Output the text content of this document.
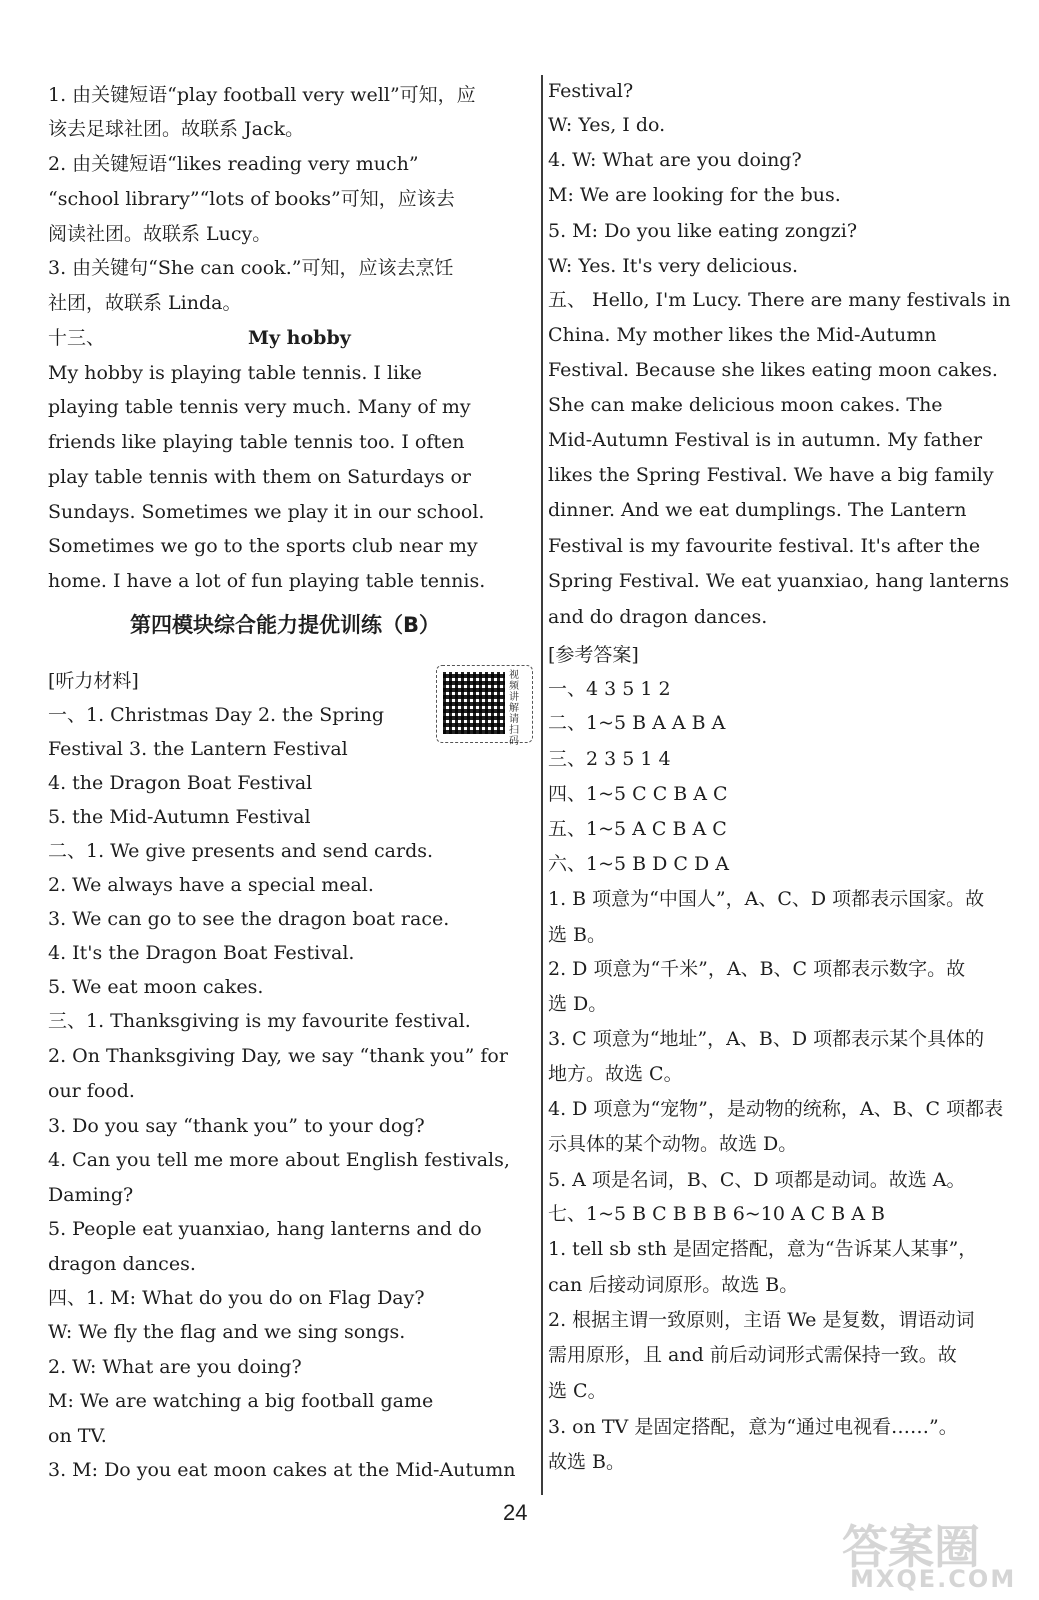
1. 由关键短语“play football very well”可知，应
该去足球社团。故联系 Jack。
2. 由关键短语“likes reading very much”
“school library”“lots of books”可知，应该去
阅读社团。故联系 Lucy。
3. 由关键句“She can cook.”可知，应该去烹饪
社团，故联系 Linda。
十三、	My hobby
My hobby is playing table tennis. I like
playing table tennis very much. Many of my
friends like playing table tennis too. I often
play table tennis with them on Saturdays or
Sundays. Sometimes we play it in our school.
Sometimes we go to the sports club near my
home. I have a lot of fun playing table tennis.
第四模块综合能力提优训练（B）
[听力材料]
一、1. Christmas Day 2. the Spring
Festival 3. the Lantern Festival
4. the Dragon Boat Festival
5. the Mid-Autumn Festival
二、1. We give presents and send cards.
2. We always have a special meal.
3. We can go to see the dragon boat race.
4. It's the Dragon Boat Festival.
5. We eat moon cakes.
三、1. Thanksgiving is my favourite festival.
2. On Thanksgiving Day, we say “thank you” for
our food.
3. Do you say “thank you” to your dog?
4. Can you tell me more about English festivals,
Daming?
5. People eat yuanxiao, hang lanterns and do
dragon dances.
四、1. M: What do you do on Flag Day?
W: We fly the flag and we sing songs.
2. W: What are you doing?
M: We are watching a big football game
on TV.
3. M: Do you eat moon cakes at the Mid-Autumn
Festival?
W: Yes, I do.
4. W: What are you doing?
M: We are looking for the bus.
5. M: Do you like eating zongzi?
W: Yes. It's very delicious.
五、 Hello, I'm Lucy. There are many festivals in
China. My mother likes the Mid-Autumn
Festival. Because she likes eating moon cakes.
She can make delicious moon cakes. The
Mid-Autumn Festival is in autumn. My father
likes the Spring Festival. We have a big family
dinner. And we eat dumplings. The Lantern
Festival is my favourite festival. It's after the
Spring Festival. We eat yuanxiao, hang lanterns
and do dragon dances.
[参考答案]
一、4 3 5 1 2
二、1~5 B A A B A
三、2 3 5 1 4
四、1~5 C C B A C
五、1~5 A C B A C
六、1~5 B D C D A
1. B 项意为“中国人”，A、C、D 项都表示国家。故
选 B。
2. D 项意为“千米”，A、B、C 项都表示数字。故
选 D。
3. C 项意为“地址”，A、B、D 项都表示某个具体的
地方。故选 C。
4. D 项意为“宠物”，是动物的统称，A、B、C 项都表
示具体的某个动物。故选 D。
5. A 项是名词，B、C、D 项都是动词。故选 A。
七、1~5 B C B B B 6~10 A C B A B
1. tell sb sth 是固定搭配，意为“告诉某人某事”，
can 后接动词原形。故选 B。
2. 根据主谓一致原则，主语 We 是复数，谓语动词
需用原形，且 and 前后动词形式需保持一致。故
选 C。
3. on TV 是固定搭配，意为“通过电视看……”。
故选 B。
视频讲解请扫码
24
答案圈
MXQE.COM
